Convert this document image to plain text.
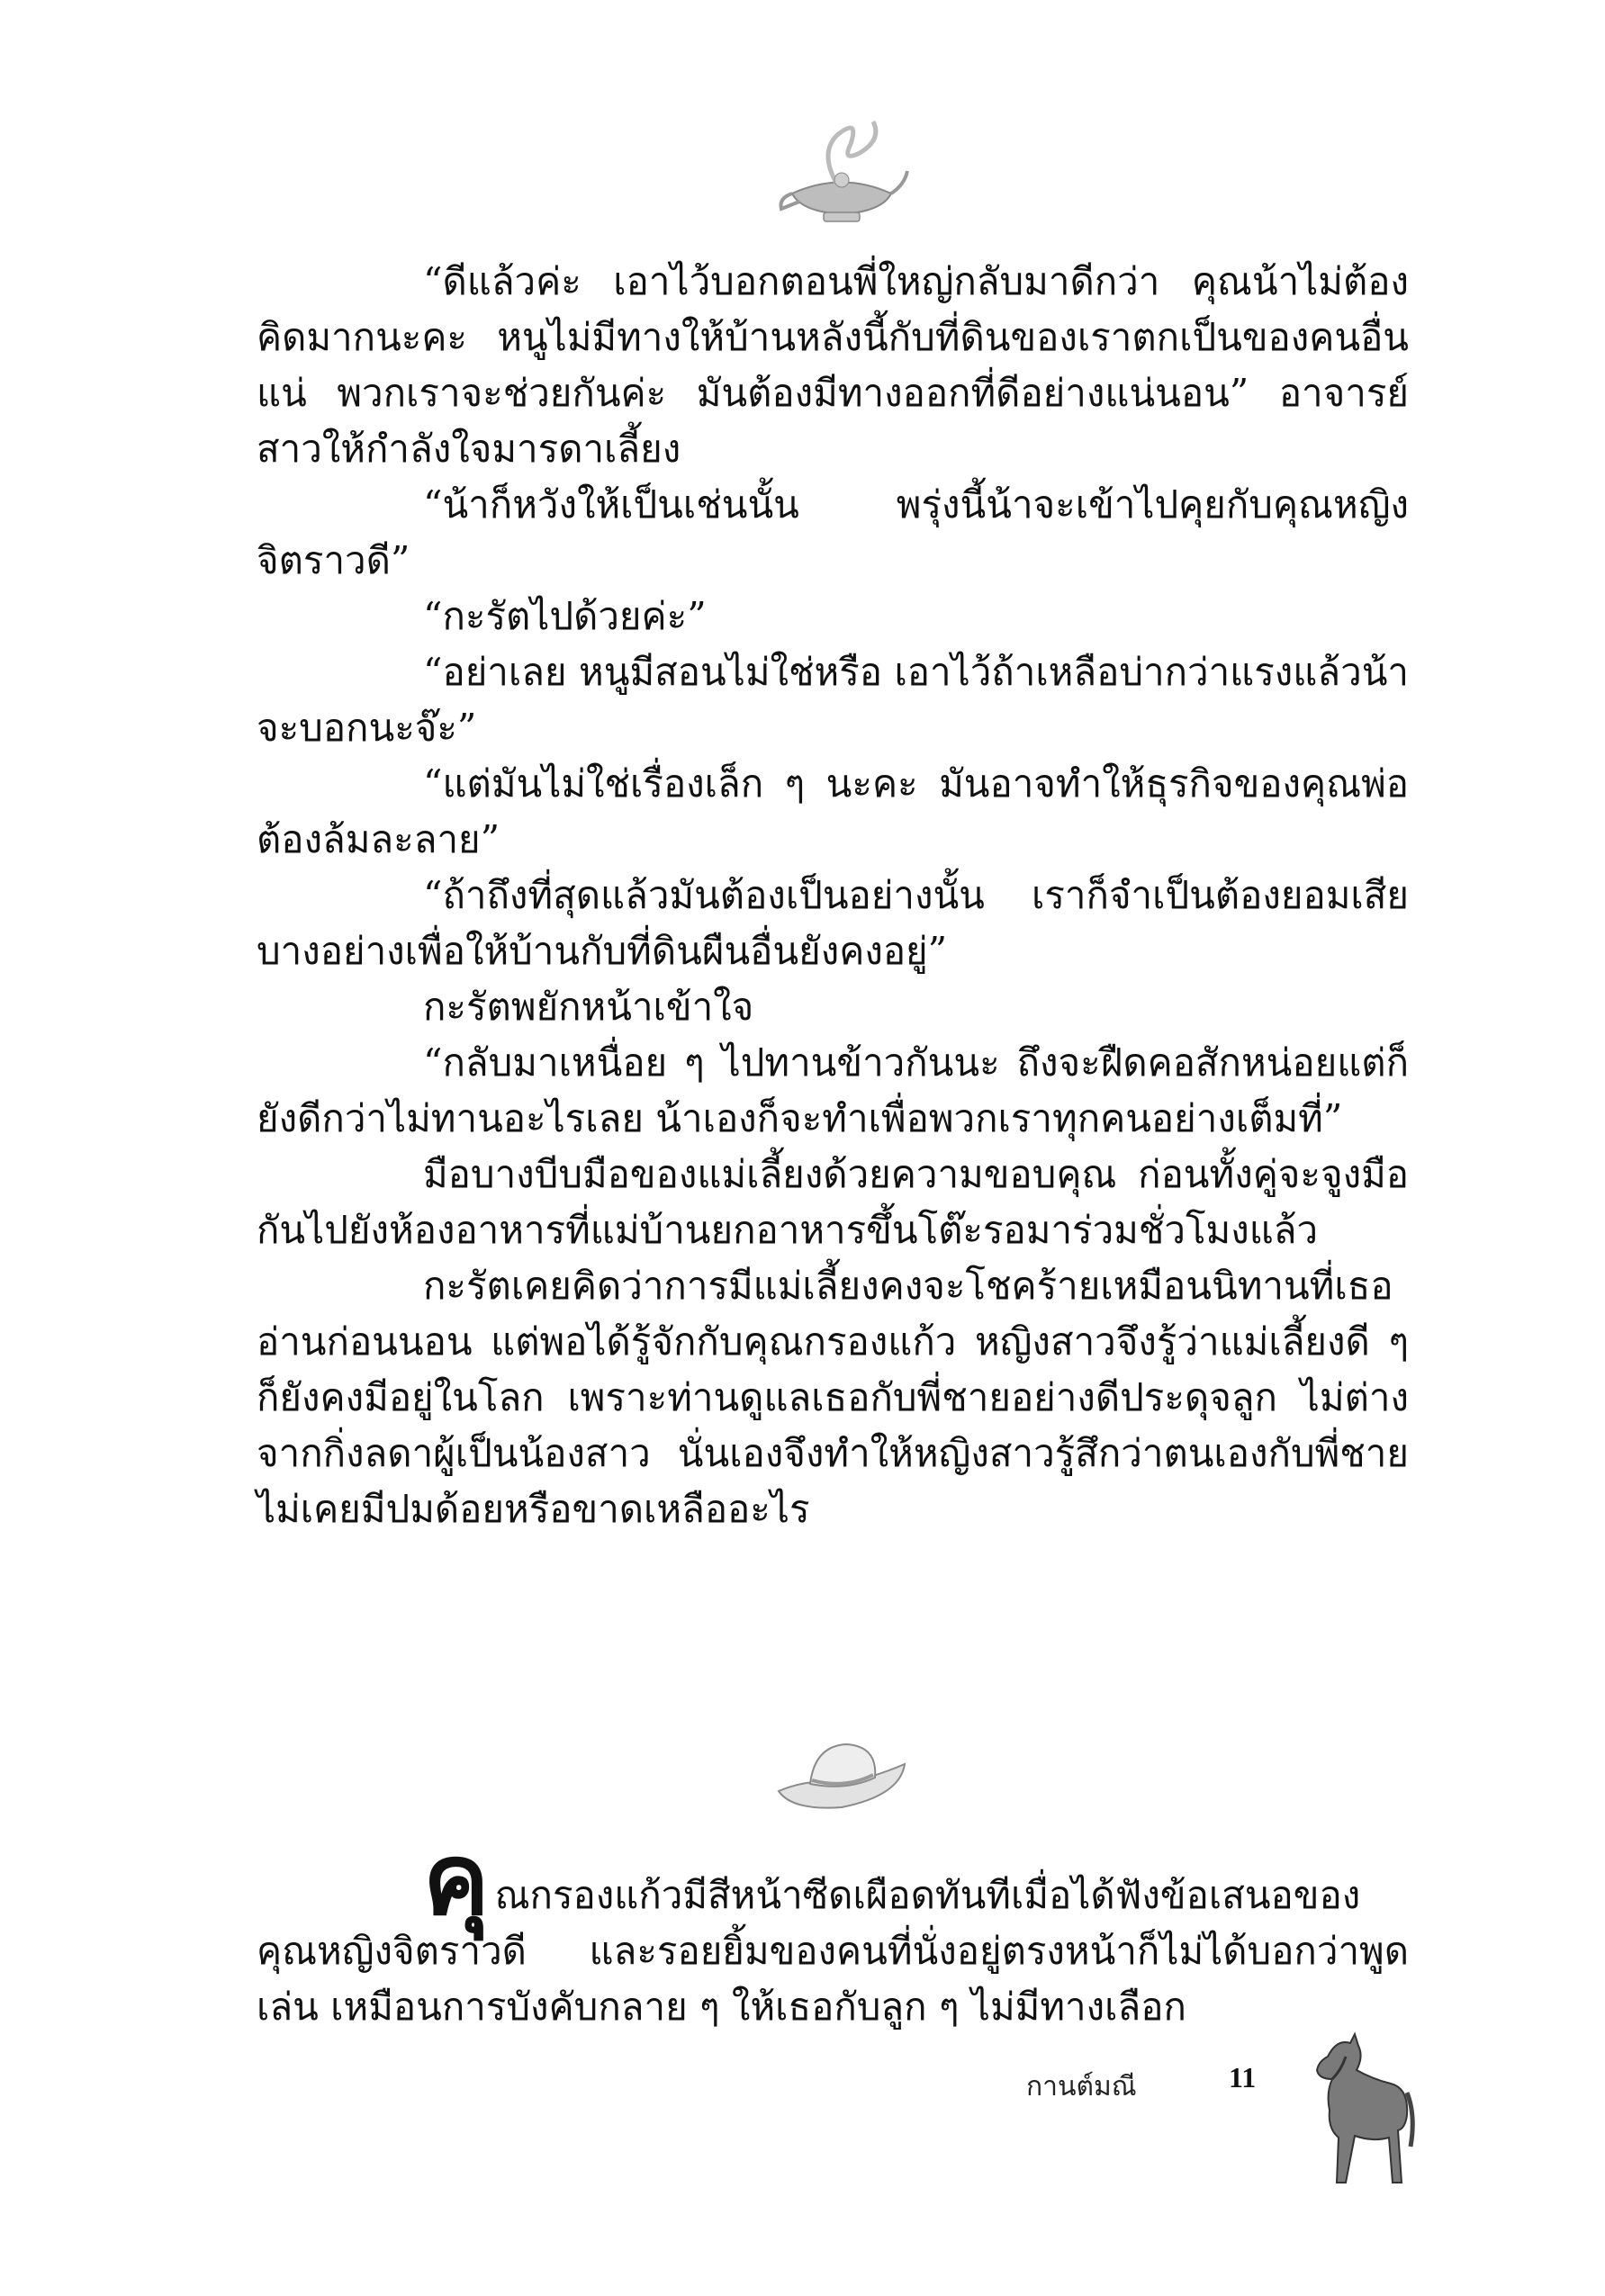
“ดีแล้วค่ะ เอาไว้บอกตอนพี่ใหญ่กลับมาดีกว่า คุณน้าไม่ต้องคิดมากนะคะ หนูไม่มีทางให้บ้านหลังนี้กับที่ดินของเราตกเป็นของคนอื่นแน่ พวกเราจะช่วยกันค่ะ มันต้องมีทางออกที่ดีอย่างแน่นอน” อาจารย์สาวให้กำลังใจมารดาเลี้ยง

“น้าก็หวังให้เป็นเช่นนั้น พรุ่งนี้น้าจะเข้าไปคุยกับคุณหญิงจิตราวดี”

“กะรัตไปด้วยค่ะ”

“อย่าเลย หนูมีสอนไม่ใช่หรือ เอาไว้ถ้าเหลือบ่ากว่าแรงแล้วน้าจะบอกนะจ๊ะ”

“แต่มันไม่ใช่เรื่องเล็ก ๆ นะคะ มันอาจทำให้ธุรกิจของคุณพ่อต้องล้มละลาย”

“ถ้าถึงที่สุดแล้วมันต้องเป็นอย่างนั้น เราก็จำเป็นต้องยอมเสียบางอย่างเพื่อให้บ้านกับที่ดินผืนอื่นยังคงอยู่”

กะรัตพยักหน้าเข้าใจ

“กลับมาเหนื่อย ๆ ไปทานข้าวกันนะ ถึงจะฝืดคอสักหน่อยแต่ก็ยังดีกว่าไม่ทานอะไรเลย น้าเองก็จะทำเพื่อพวกเราทุกคนอย่างเต็มที่”

มือบางบีบมือของแม่เลี้ยงด้วยความขอบคุณ ก่อนทั้งคู่จะจูงมือกันไปยังห้องอาหารที่แม่บ้านยกอาหารขึ้นโต๊ะรอมาร่วมชั่วโมงแล้ว

กะรัตเคยคิดว่าการมีแม่เลี้ยงคงจะโชคร้ายเหมือนนิทานที่เธออ่านก่อนนอน แต่พอได้รู้จักกับคุณกรองแก้ว หญิงสาวจึงรู้ว่าแม่เลี้ยงดี ๆ ก็ยังคงมีอยู่ในโลก เพราะท่านดูแลเธอกับพี่ชายอย่างดีประดุจลูก ไม่ต่างจากกิ่งลดาผู้เป็นน้องสาว นั่นเองจึงทำให้หญิงสาวรู้สึกว่าตนเองกับพี่ชายไม่เคยมีปมด้อยหรือขาดเหลืออะไร

คุณกรองแก้วมีสีหน้าซีดเผือดทันทีเมื่อได้ฟังข้อเสนอของคุณหญิงจิตราวดี และรอยยิ้มของคนที่นั่งอยู่ตรงหน้าก็ไม่ได้บอกว่าพูดเล่น เหมือนการบังคับกลาย ๆ ให้เธอกับลูก ๆ ไม่มีทางเลือก

กานต์มณี	11
